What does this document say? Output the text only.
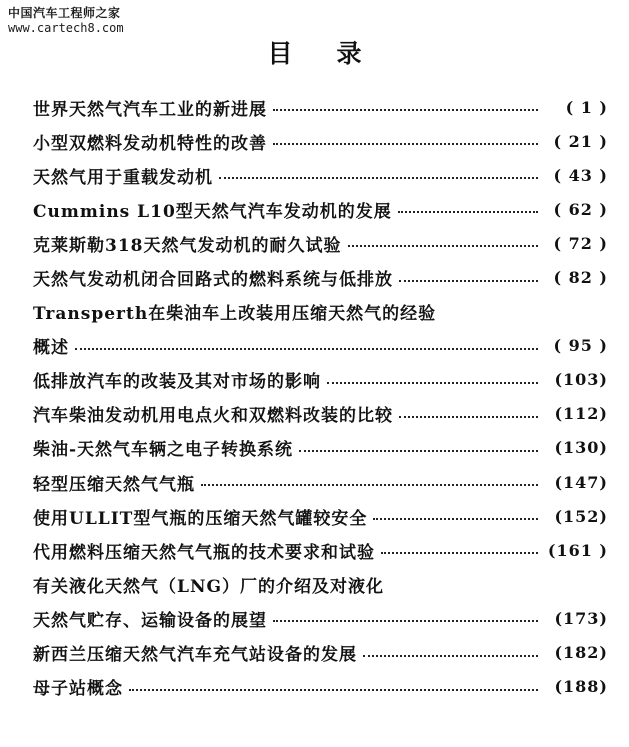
中国汽车工程师之家
www.cartech8.com
目录
世界天然气汽车工业的新进展	( 1 )
小型双燃料发动机特性的改善	( 21 )
天然气用于重载发动机	( 43 )
Cummins L10型天然气汽车发动机的发展	( 62 )
克莱斯勒318天然气发动机的耐久试验	( 72 )
天然气发动机闭合回路式的燃料系统与低排放	( 82 )
Transperth在柴油车上改装用压缩天然气的经验
概述	( 95 )
低排放汽车的改装及其对市场的影响	(103)
汽车柴油发动机用电点火和双燃料改装的比较	(112)
柴油-天然气车辆之电子转换系统	(130)
轻型压缩天然气气瓶	(147)
使用ULLIT型气瓶的压缩天然气罐较安全	(152)
代用燃料压缩天然气气瓶的技术要求和试验	(161 )
有关液化天然气（LNG）厂的介绍及对液化
天然气贮存、运输设备的展望	(173)
新西兰压缩天然气汽车充气站设备的发展	(182)
母子站概念	(188)
